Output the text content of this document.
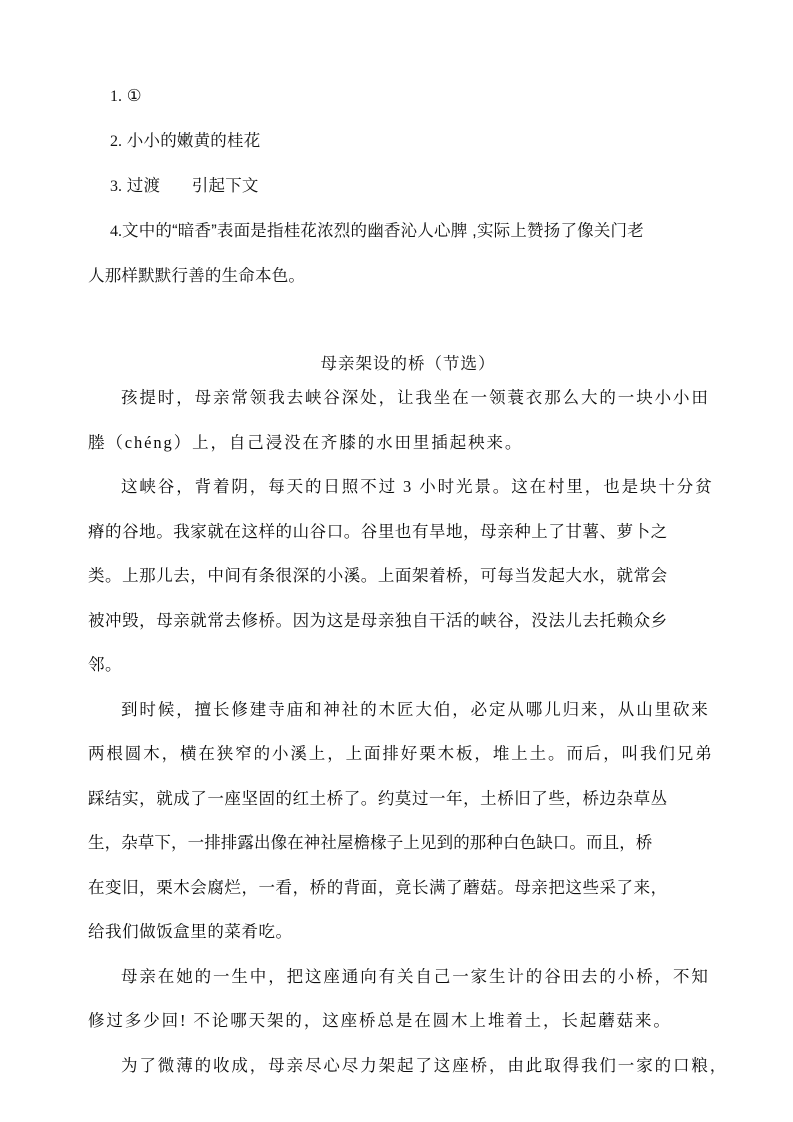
1. ①
2. 小小的嫩黄的桂花
3. 过渡 引起下文
4.文中的“暗香”表面是指桂花浓烈的幽香沁人心脾 ,实际上赞扬了像关门老
人那样默默行善的生命本色。
母亲架设的桥（节选）
孩提时，母亲常领我去峡谷深处，让我坐在一领蓑衣那么大的一块小小田
塍（chéng）上，自己浸没在齐膝的水田里插起秧来。
这峡谷，背着阴，每天的日照不过 3 小时光景。这在村里，也是块十分贫
瘠的谷地。我家就在这样的山谷口。谷里也有旱地，母亲种上了甘薯、萝卜之
类。上那儿去，中间有条很深的小溪。上面架着桥，可每当发起大水，就常会
被冲毁，母亲就常去修桥。因为这是母亲独自干活的峡谷，没法儿去托赖众乡
邻。
到时候，擅长修建寺庙和神社的木匠大伯，必定从哪儿归来，从山里砍来
两根圆木，横在狭窄的小溪上，上面排好栗木板，堆上土。而后，叫我们兄弟
踩结实，就成了一座坚固的红土桥了。约莫过一年，土桥旧了些，桥边杂草丛
生，杂草下，一排排露出像在神社屋檐椽子上见到的那种白色缺口。而且，桥
在变旧，栗木会腐烂，一看，桥的背面，竟长满了蘑菇。母亲把这些采了来，
给我们做饭盒里的菜肴吃。
母亲在她的一生中，把这座通向有关自己一家生计的谷田去的小桥，不知
修过多少回! 不论哪天架的，这座桥总是在圆木上堆着土，长起蘑菇来。
为了微薄的收成，母亲尽心尽力架起了这座桥，由此取得我们一家的口粮，
